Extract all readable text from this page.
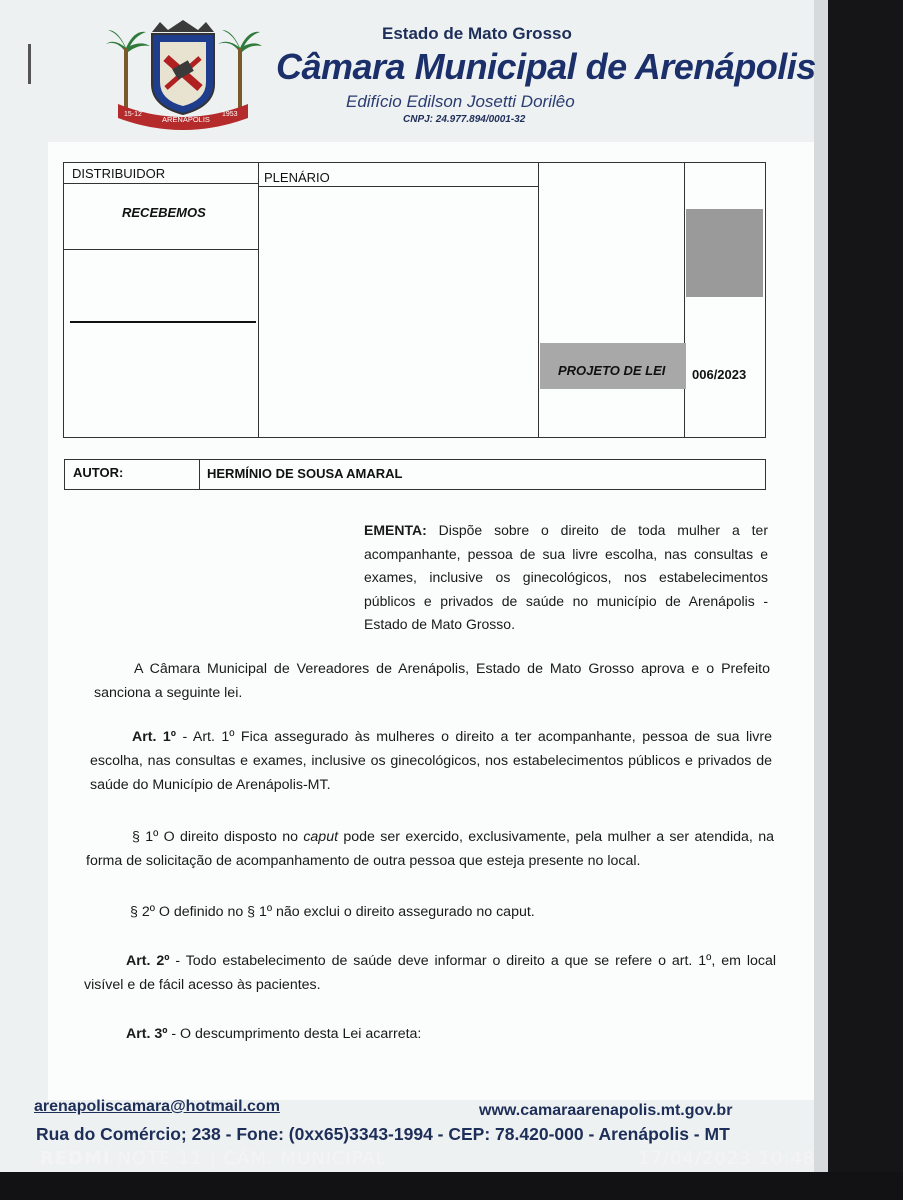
15-12
ARENÁPOLIS
1953
Estado de Mato Grosso
Câmara Municipal de Arenápolis
Edifício Edilson Josetti Dorilêo
CNPJ: 24.977.894/0001-32
DISTRIBUIDOR	PLENÁRIO
RECEBEMOS
PROJETO DE LEI 006/2023
AUTOR:	HERMÍNIO DE SOUSA AMARAL
EMENTA: Dispõe sobre o direito de toda mulher a ter acompanhante, pessoa de sua livre escolha, nas consultas e exames, inclusive os ginecológicos, nos estabelecimentos públicos e privados de saúde no município de Arenápolis - Estado de Mato Grosso.
A Câmara Municipal de Vereadores de Arenápolis, Estado de Mato Grosso aprova e o Prefeito sanciona a seguinte lei.
Art. 1º - Art. 1º Fica assegurado às mulheres o direito a ter acompanhante, pessoa de sua livre escolha, nas consultas e exames, inclusive os ginecológicos, nos estabelecimentos públicos e privados de saúde do Município de Arenápolis-MT.
§ 1º O direito disposto no caput pode ser exercido, exclusivamente, pela mulher a ser atendida, na forma de solicitação de acompanhamento de outra pessoa que esteja presente no local.
§ 2º O definido no § 1º não exclui o direito assegurado no caput.
Art. 2º - Todo estabelecimento de saúde deve informar o direito a que se refere o art. 1º, em local visível e de fácil acesso às pacientes.
Art. 3º - O descumprimento desta Lei acarreta:
arenapoliscamara@hotmail.com	www.camaraarenapolis.mt.gov.br
Rua do Comércio; 238 - Fone: (0xx65)3343-1994 - CEP: 78.420-000 - Arenápolis - MT
REDMI NOTE 11 | CÂM. MUNICIPAL	17/04/2023 10:48
